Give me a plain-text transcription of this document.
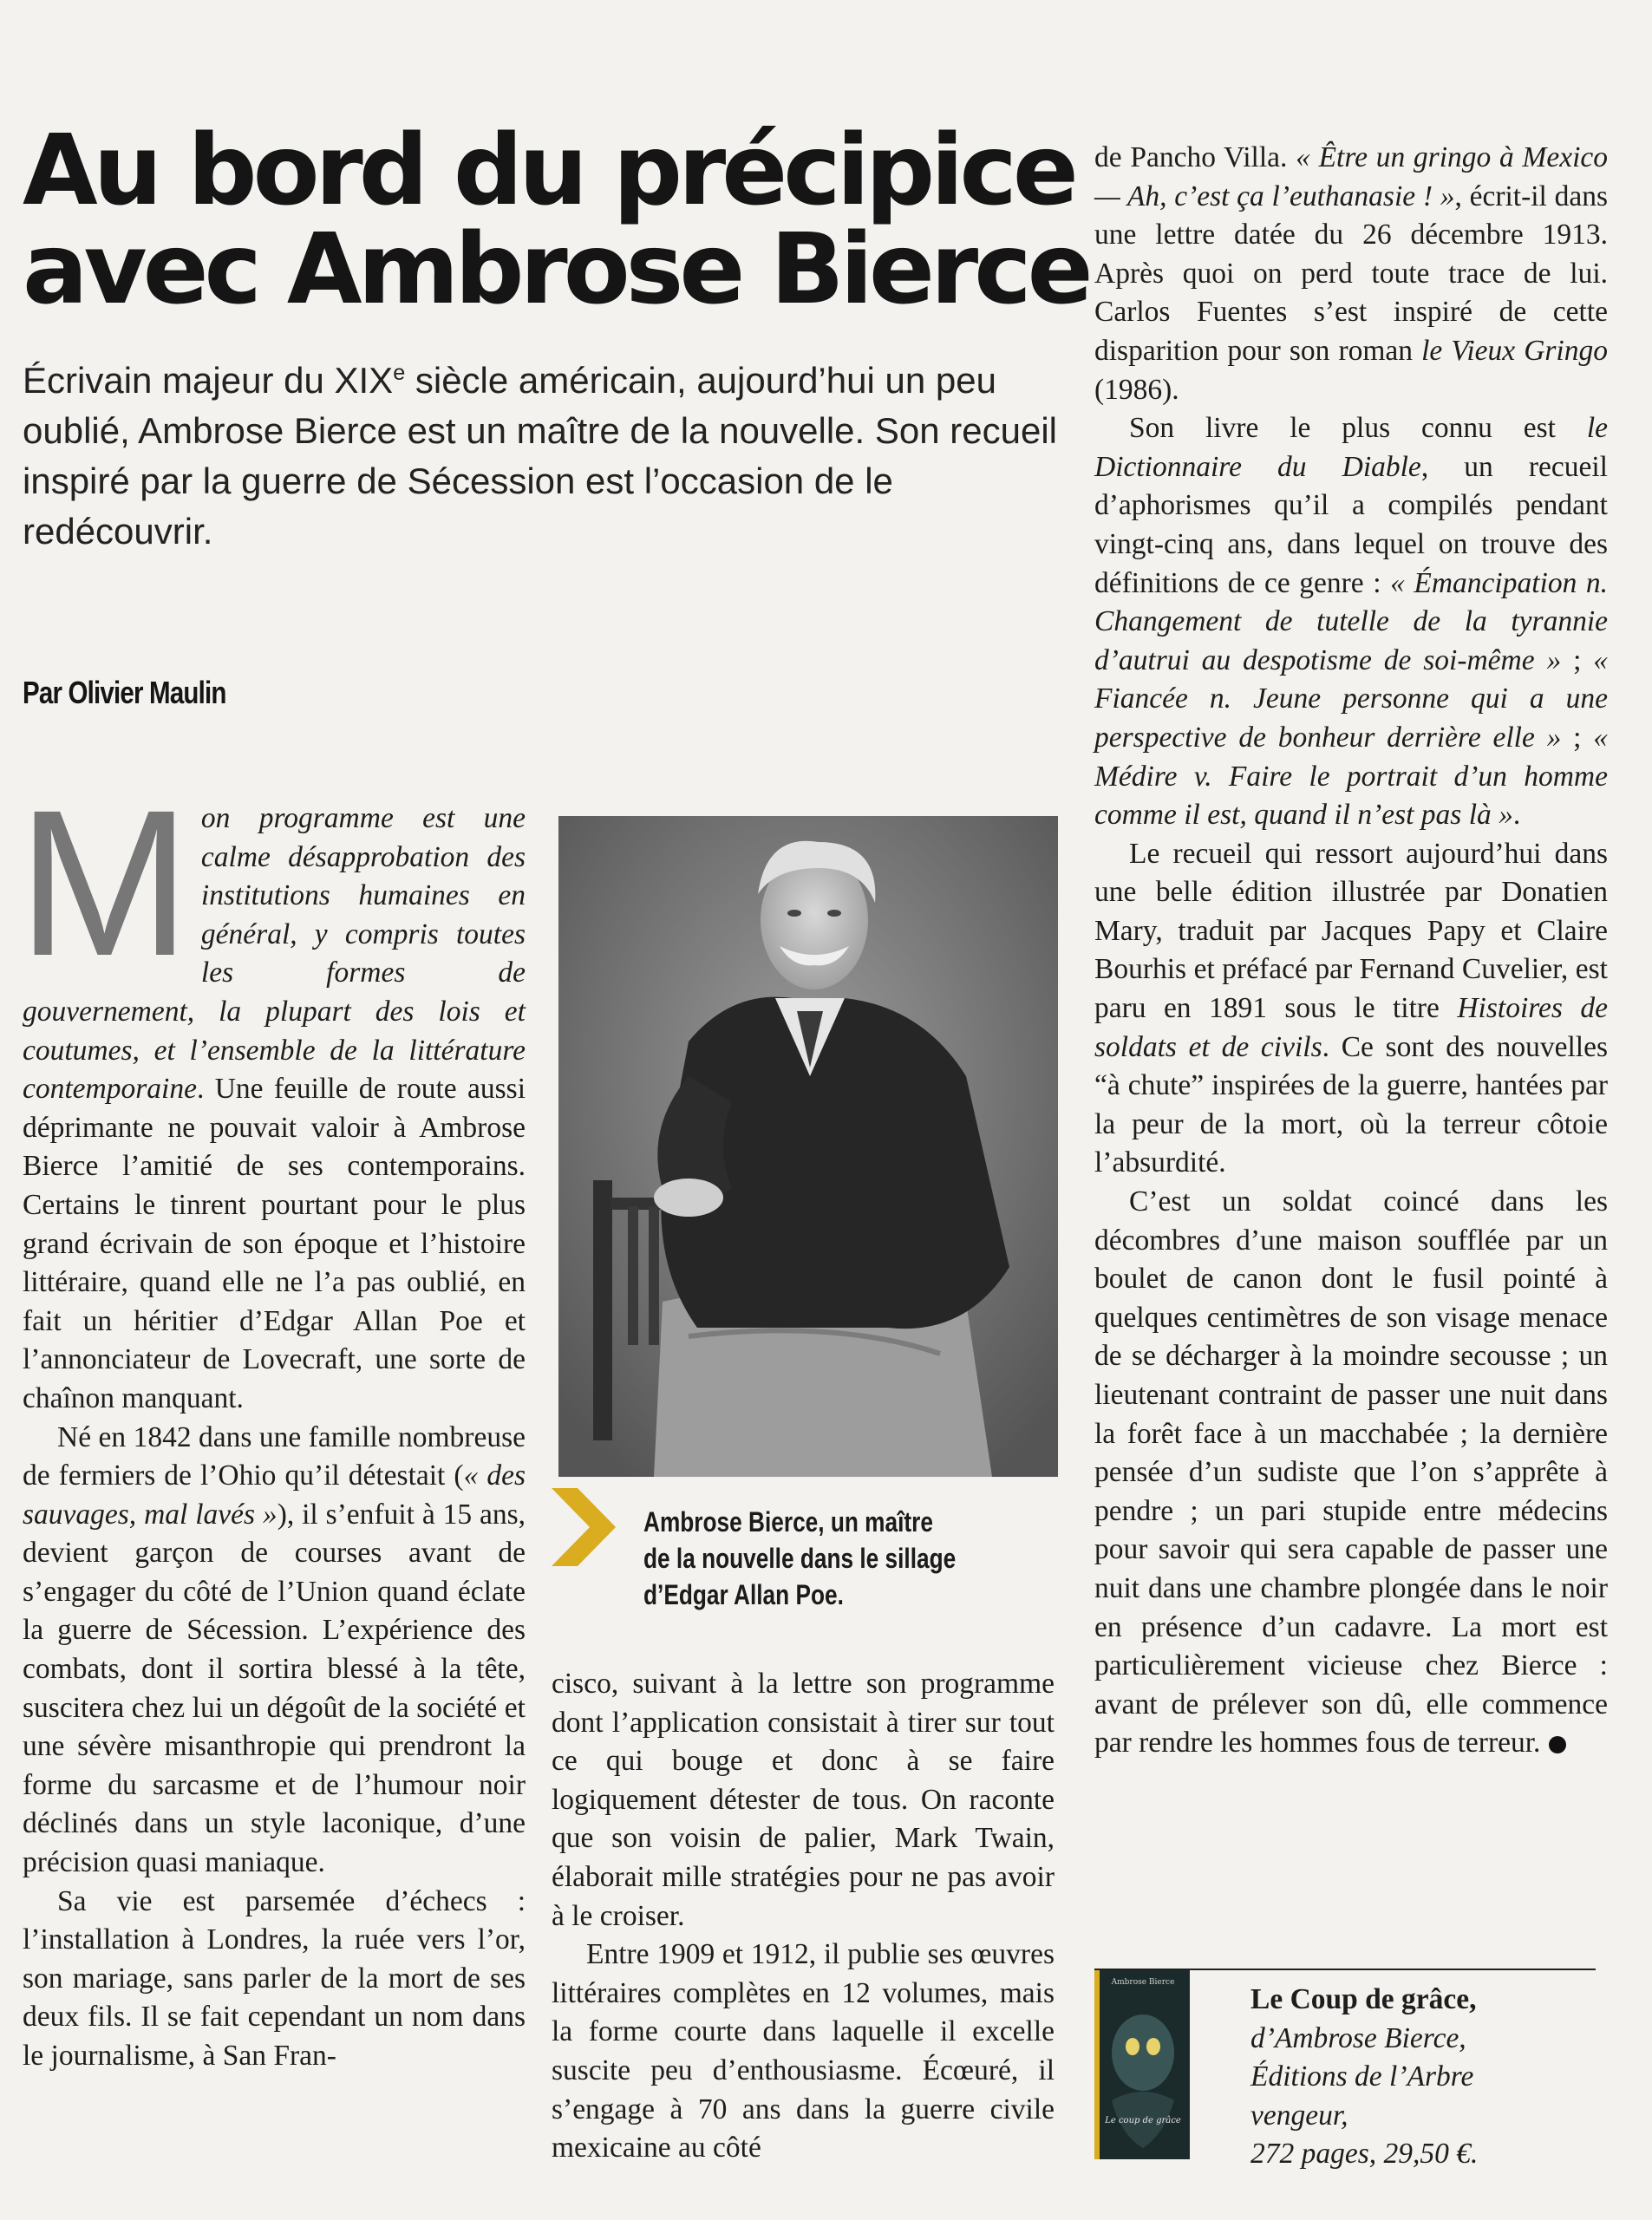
Au bord du précipice
avec Ambrose Bierce

Écrivain majeur du XIXe siècle américain, aujourd’hui un peu oublié, Ambrose Bierce est un maître de la nouvelle. Son recueil inspiré par la guerre de Sécession est l’occasion de le redécouvrir.

Par Olivier Maulin

Mon programme est une calme désapprobation des institutions humaines en général, y compris toutes les formes de gouvernement, la plupart des lois et coutumes, et l’ensemble de la littérature contemporaine. Une feuille de route aussi déprimante ne pouvait valoir à Ambrose Bierce l’amitié de ses contemporains. Certains le tinrent pourtant pour le plus grand écrivain de son époque et l’histoire littéraire, quand elle ne l’a pas oublié, en fait un héritier d’Edgar Allan Poe et l’annonciateur de Lovecraft, une sorte de chaînon manquant.

Né en 1842 dans une famille nombreuse de fermiers de l’Ohio qu’il détestait (« des sauvages, mal lavés »), il s’enfuit à 15 ans, devient garçon de courses avant de s’engager du côté de l’Union quand éclate la guerre de Sécession. L’expérience des combats, dont il sortira blessé à la tête, suscitera chez lui un dégoût de la société et une sévère misanthropie qui prendront la forme du sarcasme et de l’humour noir déclinés dans un style laconique, d’une précision quasi maniaque.

Sa vie est parsemée d’échecs : l’installation à Londres, la ruée vers l’or, son mariage, sans parler de la mort de ses deux fils. Il se fait cependant un nom dans le journalisme, à San Fran-

Ambrose Bierce, un maître
de la nouvelle dans le sillage
d’Edgar Allan Poe.

cisco, suivant à la lettre son programme dont l’application consistait à tirer sur tout ce qui bouge et donc à se faire logiquement détester de tous. On raconte que son voisin de palier, Mark Twain, élaborait mille stratégies pour ne pas avoir à le croiser.

Entre 1909 et 1912, il publie ses œuvres littéraires complètes en 12 volumes, mais la forme courte dans laquelle il excelle suscite peu d’enthousiasme. Écœuré, il s’engage à 70 ans dans la guerre civile mexicaine au côté

de Pancho Villa. « Être un gringo à Mexico — Ah, c’est ça l’euthanasie ! », écrit-il dans une lettre datée du 26 décembre 1913. Après quoi on perd toute trace de lui. Carlos Fuentes s’est inspiré de cette disparition pour son roman le Vieux Gringo (1986).

Son livre le plus connu est le Dictionnaire du Diable, un recueil d’aphorismes qu’il a compilés pendant vingt-cinq ans, dans lequel on trouve des définitions de ce genre : « Émancipation n. Changement de tutelle de la tyrannie d’autrui au despotisme de soi-même » ; « Fiancée n. Jeune personne qui a une perspective de bonheur derrière elle » ; « Médire v. Faire le portrait d’un homme comme il est, quand il n’est pas là ».

Le recueil qui ressort aujourd’hui dans une belle édition illustrée par Donatien Mary, traduit par Jacques Papy et Claire Bourhis et préfacé par Fernand Cuvelier, est paru en 1891 sous le titre Histoires de soldats et de civils. Ce sont des nouvelles “à chute” inspirées de la guerre, hantées par la peur de la mort, où la terreur côtoie l’absurdité.

C’est un soldat coincé dans les décombres d’une maison soufflée par un boulet de canon dont le fusil pointé à quelques centimètres de son visage menace de se décharger à la moindre secousse ; un lieutenant contraint de passer une nuit dans la forêt face à un macchabée ; la dernière pensée d’un sudiste que l’on s’apprête à pendre ; un pari stupide entre médecins pour savoir qui sera capable de passer une nuit dans une chambre plongée dans le noir en présence d’un cadavre. La mort est particulièrement vicieuse chez Bierce : avant de prélever son dû, elle commence par rendre les hommes fous de terreur.

Ambrose Bierce
Le coup de grâce
Le Coup de grâce,
d’Ambrose Bierce,
Éditions de l’Arbre
vengeur,
272 pages, 29,50 €.
